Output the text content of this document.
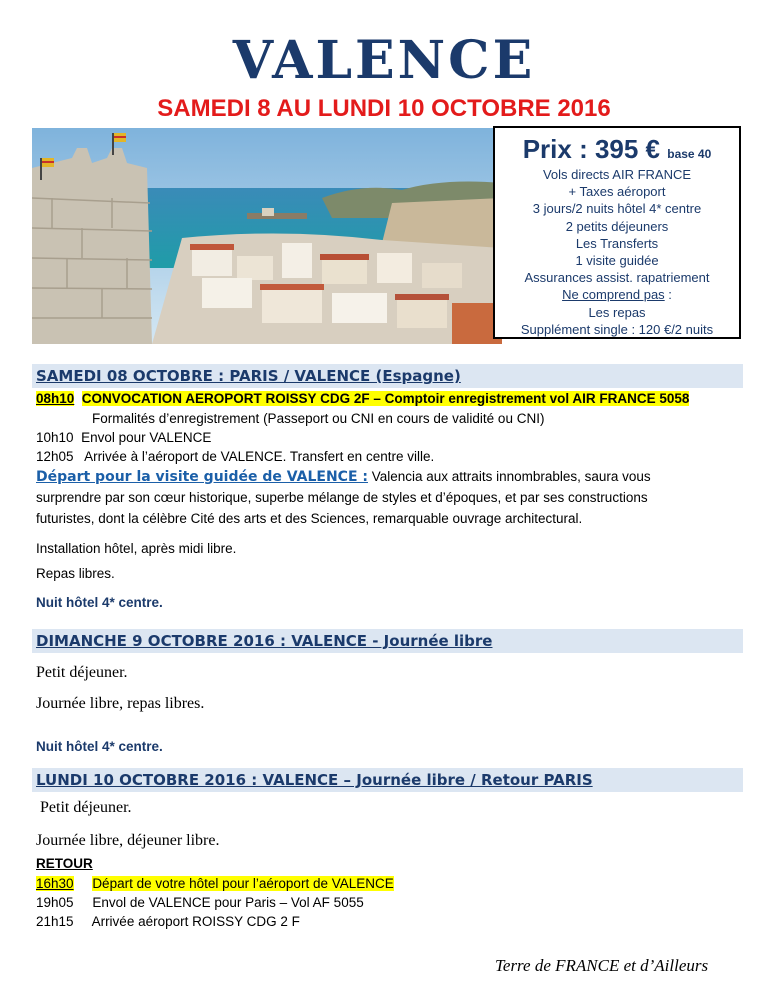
VALENCE
SAMEDI 8 AU LUNDI 10 OCTOBRE 2016
Prix : 395 € base 40
Vols directs AIR FRANCE
+ Taxes aéroport
3 jours/2 nuits hôtel 4* centre
2 petits déjeuners
Les Transferts
1 visite guidée
Assurances assist. rapatriement
Ne comprend pas :
Les repas
Supplément single : 120 €/2 nuits
SAMEDI 08 OCTOBRE : PARIS / VALENCE (Espagne)
08h10 CONVOCATION AEROPORT ROISSY CDG 2F – Comptoir enregistrement vol AIR FRANCE 5058
Formalités d’enregistrement (Passeport ou CNI en cours de validité ou CNI)
10h10 Envol pour VALENCE
12h05 Arrivée à l’aéroport de VALENCE. Transfert en centre ville.
Départ pour la visite guidée de VALENCE : Valencia aux attraits innombrables, saura vous
surprendre par son cœur historique, superbe mélange de styles et d’époques, et par ses constructions
futuristes, dont la célèbre Cité des arts et des Sciences, remarquable ouvrage architectural.
Installation hôtel, après midi libre.
Repas libres.
Nuit hôtel 4* centre.
DIMANCHE 9 OCTOBRE 2016 : VALENCE - Journée libre
Petit déjeuner.
Journée libre, repas libres.
Nuit hôtel 4* centre.
LUNDI 10 OCTOBRE 2016 : VALENCE – Journée libre / Retour PARIS
Petit déjeuner.
Journée libre, déjeuner libre.
RETOUR
16h30 Départ de votre hôtel pour l’aéroport de VALENCE
19h05 Envol de VALENCE pour Paris – Vol AF 5055
21h15 Arrivée aéroport ROISSY CDG 2 F
Terre de FRANCE et d’Ailleurs
